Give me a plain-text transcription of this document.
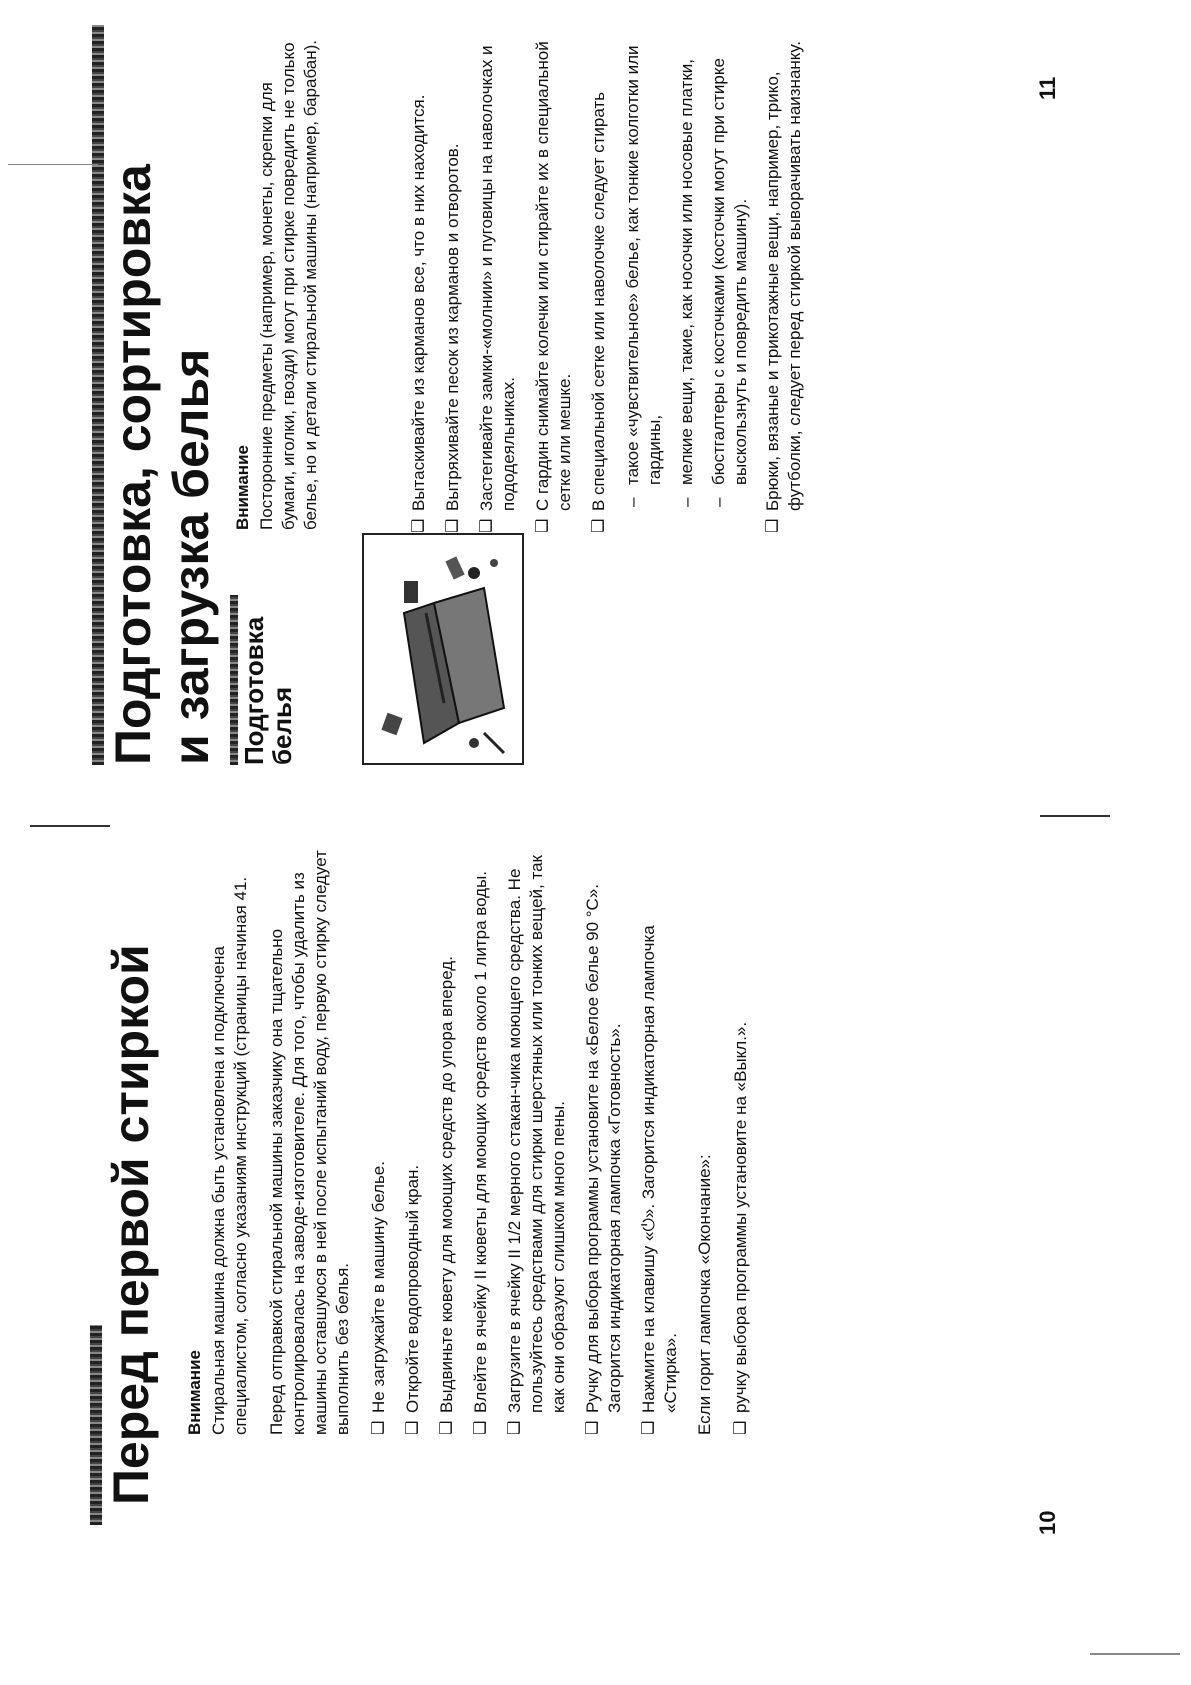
Перед первой стиркой Внимание Стиральная машина должна быть установлена и подключена специалистом, согласно указаниям инструкций (страницы начиная 41. Перед отправкой стиральной машины заказчику она тщательно контролировалась на заводе-изготовителе. Для того, чтобы удалить из машины оставшуюся в ней после испытаний воду, первую стирку следует выполнить без белья. ❑
Не загружайте в машину белье.
❑
Откройте водопроводный кран.
❑
Выдвиньте кювету для моющих средств до упора вперед.
❑
Влейте в ячейку II кюветы для моющих средств около 1 литра воды.
❑
Загрузите в ячейку II 1/2 мерного стакан-чика моющего средства. Не пользуйтесь средствами для стирки шерстяных или тонких вещей, так как они образуют слишком много пены.
❑
Ручку для выбора программы установите на «Белое белье 90 °С». Загорится индикаторная лампочка «Готовность».
❑
Нажмите на клавишу «⏻». Загорится индикаторная лампочка «Стирка». Если горит лампочка «Окончание»: ❑
ручку выбора программы установите на «Выкл.».
10
Подготовка, сортировка и загрузка белья Подготовка белья

Внимание Посторонние предметы (например, монеты, скрепки для бумаги, иголки, гвозди) могут при стирке повредить не только белье, но и детали стиральной машины (например, барабан).	❑
Вытаскивайте из карманов все, что в них находится.
❑
Вытряхивайте песок из карманов и отворотов.
❑
Застегивайте замки-«молнии» и пуговицы на наволочках и пододеяльниках.
❑
С гардин снимайте колечки или стирайте их в специальной сетке или мешке.
❑
В специальной сетке или наволочке следует стирать –
такое «чувствительное» белье, как тонкие колготки или гардины,
–
мелкие вещи, такие, как носочки или носовые платки,
–
бюстгалтеры с косточками (косточки могут при стирке выскользнуть и повредить машину).
❑
Брюки, вязаные и трикотажные вещи, например, трико, футболки, следует перед стиркой выворачивать наизнанку.	11
